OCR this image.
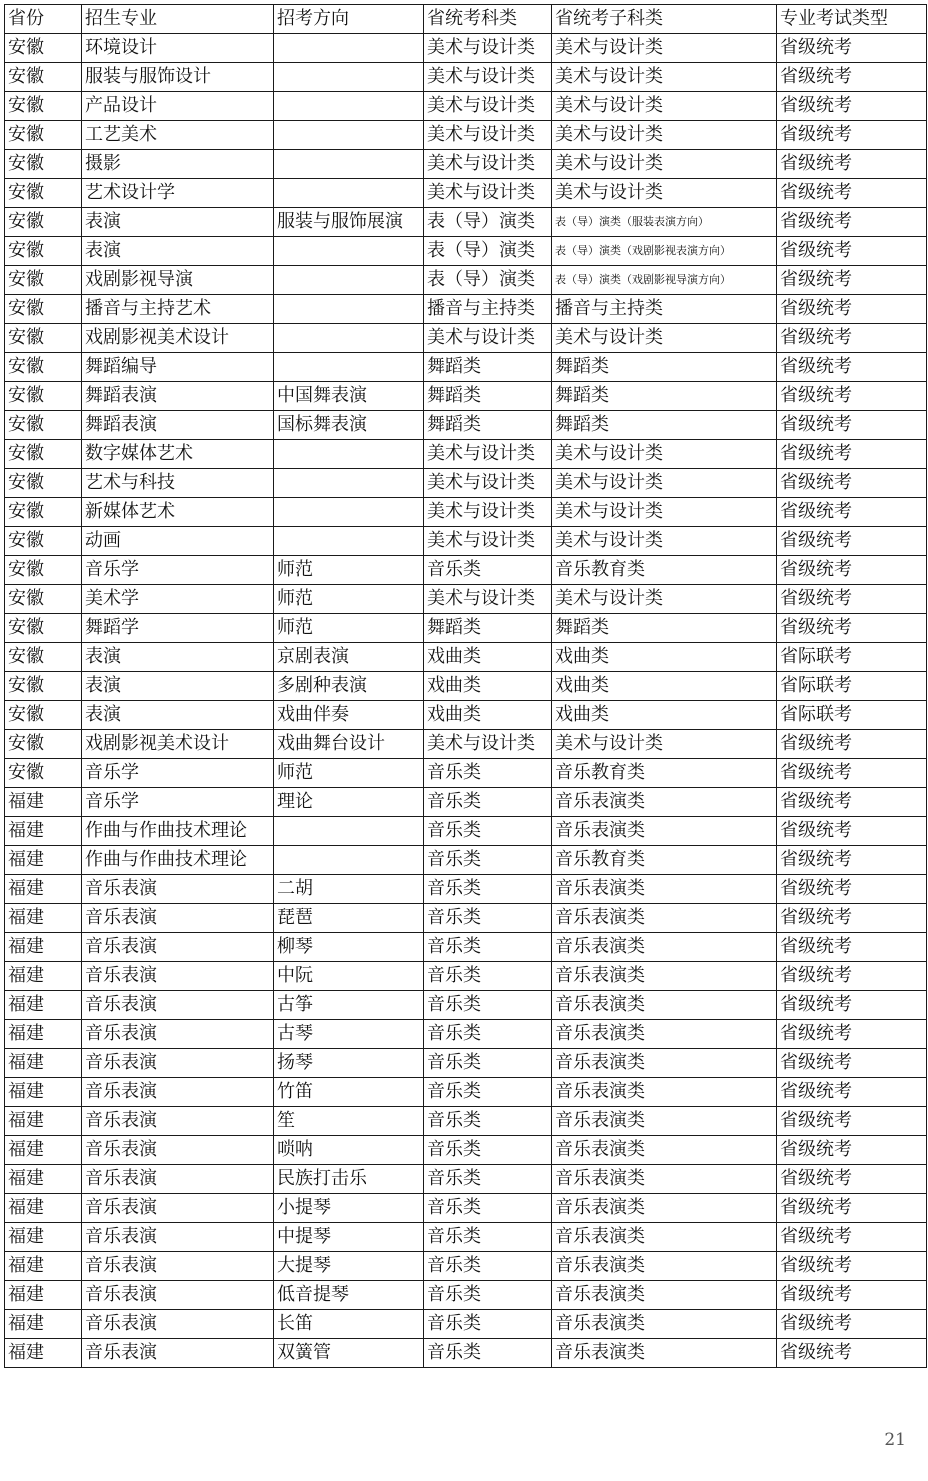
省份	招生专业	招考方向	省统考科类	省统考子科类	专业考试类型
安徽	环境设计		美术与设计类	美术与设计类	省级统考
安徽	服装与服饰设计		美术与设计类	美术与设计类	省级统考
安徽	产品设计		美术与设计类	美术与设计类	省级统考
安徽	工艺美术		美术与设计类	美术与设计类	省级统考
安徽	摄影		美术与设计类	美术与设计类	省级统考
安徽	艺术设计学		美术与设计类	美术与设计类	省级统考
安徽	表演	服装与服饰展演	表（导）演类	表（导）演类（服装表演方向）	省级统考
安徽	表演		表（导）演类	表（导）演类（戏剧影视表演方向）	省级统考
安徽	戏剧影视导演		表（导）演类	表（导）演类（戏剧影视导演方向）	省级统考
安徽	播音与主持艺术		播音与主持类	播音与主持类	省级统考
安徽	戏剧影视美术设计		美术与设计类	美术与设计类	省级统考
安徽	舞蹈编导		舞蹈类	舞蹈类	省级统考
安徽	舞蹈表演	中国舞表演	舞蹈类	舞蹈类	省级统考
安徽	舞蹈表演	国标舞表演	舞蹈类	舞蹈类	省级统考
安徽	数字媒体艺术		美术与设计类	美术与设计类	省级统考
安徽	艺术与科技		美术与设计类	美术与设计类	省级统考
安徽	新媒体艺术		美术与设计类	美术与设计类	省级统考
安徽	动画		美术与设计类	美术与设计类	省级统考
安徽	音乐学	师范	音乐类	音乐教育类	省级统考
安徽	美术学	师范	美术与设计类	美术与设计类	省级统考
安徽	舞蹈学	师范	舞蹈类	舞蹈类	省级统考
安徽	表演	京剧表演	戏曲类	戏曲类	省际联考
安徽	表演	多剧种表演	戏曲类	戏曲类	省际联考
安徽	表演	戏曲伴奏	戏曲类	戏曲类	省际联考
安徽	戏剧影视美术设计	戏曲舞台设计	美术与设计类	美术与设计类	省级统考
安徽	音乐学	师范	音乐类	音乐教育类	省级统考
福建	音乐学	理论	音乐类	音乐表演类	省级统考
福建	作曲与作曲技术理论		音乐类	音乐表演类	省级统考
福建	作曲与作曲技术理论		音乐类	音乐教育类	省级统考
福建	音乐表演	二胡	音乐类	音乐表演类	省级统考
福建	音乐表演	琵琶	音乐类	音乐表演类	省级统考
福建	音乐表演	柳琴	音乐类	音乐表演类	省级统考
福建	音乐表演	中阮	音乐类	音乐表演类	省级统考
福建	音乐表演	古筝	音乐类	音乐表演类	省级统考
福建	音乐表演	古琴	音乐类	音乐表演类	省级统考
福建	音乐表演	扬琴	音乐类	音乐表演类	省级统考
福建	音乐表演	竹笛	音乐类	音乐表演类	省级统考
福建	音乐表演	笙	音乐类	音乐表演类	省级统考
福建	音乐表演	唢呐	音乐类	音乐表演类	省级统考
福建	音乐表演	民族打击乐	音乐类	音乐表演类	省级统考
福建	音乐表演	小提琴	音乐类	音乐表演类	省级统考
福建	音乐表演	中提琴	音乐类	音乐表演类	省级统考
福建	音乐表演	大提琴	音乐类	音乐表演类	省级统考
福建	音乐表演	低音提琴	音乐类	音乐表演类	省级统考
福建	音乐表演	长笛	音乐类	音乐表演类	省级统考
福建	音乐表演	双簧管	音乐类	音乐表演类	省级统考
21
